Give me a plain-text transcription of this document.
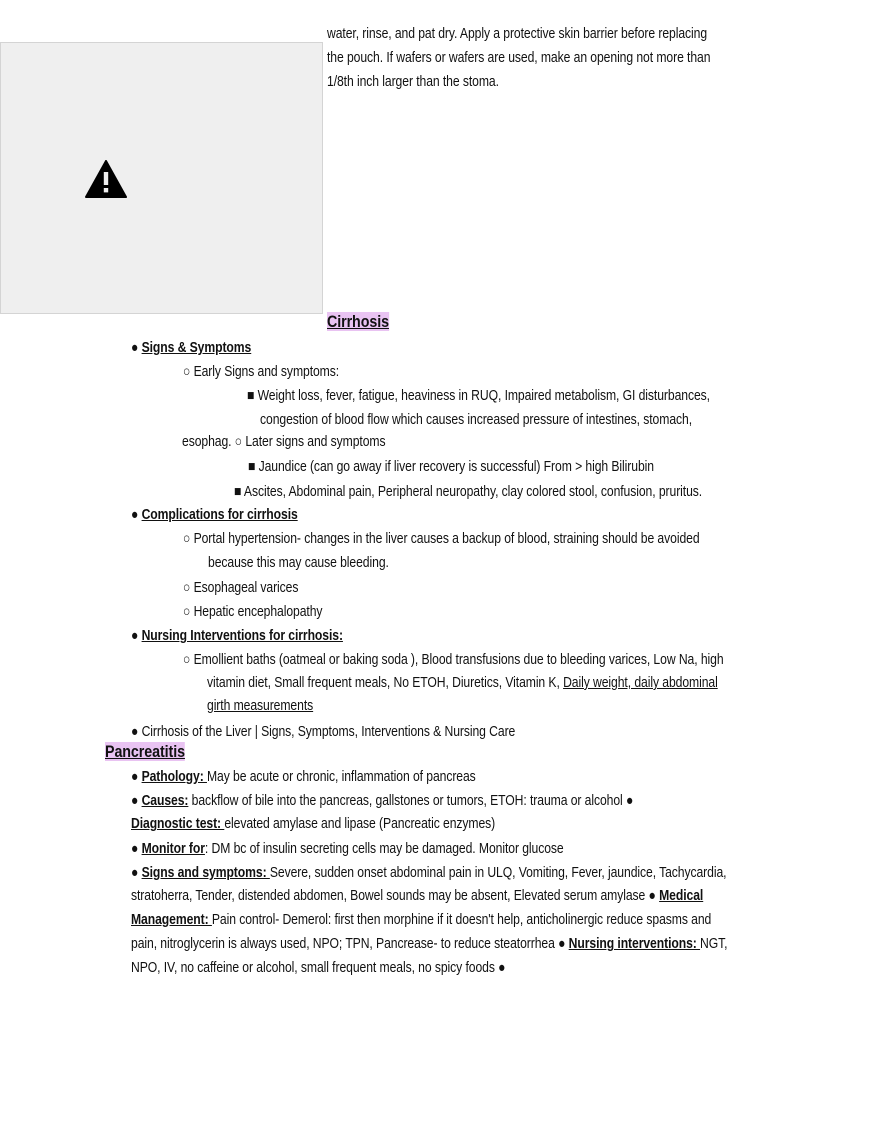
water, rinse, and pat dry. Apply a protective skin barrier before replacing
the pouch. If wafers or wafers are used, make an opening not more than
1/8th inch larger than the stoma.
Cirrhosis
● Signs & Symptoms
○ Early Signs and symptoms:
■ Weight loss, fever, fatigue, heaviness in RUQ, Impaired metabolism, GI disturbances,
congestion of blood flow which causes increased pressure of intestines, stomach,
esophag. ○ Later signs and symptoms
■ Jaundice (can go away if liver recovery is successful) From > high Bilirubin
■ Ascites, Abdominal pain, Peripheral neuropathy, clay colored stool, confusion, pruritus.
● Complications for cirrhosis
○ Portal hypertension- changes in the liver causes a backup of blood, straining should be avoided
because this may cause bleeding.
○ Esophageal varices
○ Hepatic encephalopathy
● Nursing Interventions for cirrhosis:
○ Emollient baths (oatmeal or baking soda ), Blood transfusions due to bleeding varices, Low Na, high
vitamin diet, Small frequent meals, No ETOH, Diuretics, Vitamin K, Daily weight, daily abdominal
girth measurements
● Cirrhosis of the Liver | Signs, Symptoms, Interventions & Nursing Care
Pancreatitis
● Pathology: May be acute or chronic, inflammation of pancreas
● Causes: backflow of bile into the pancreas, gallstones or tumors, ETOH: trauma or alcohol ●
Diagnostic test: elevated amylase and lipase (Pancreatic enzymes)
● Monitor for: DM bc of insulin secreting cells may be damaged. Monitor glucose
● Signs and symptoms: Severe, sudden onset abdominal pain in ULQ, Vomiting, Fever, jaundice, Tachycardia,
stratoherra, Tender, distended abdomen, Bowel sounds may be absent, Elevated serum amylase ● Medical
Management: Pain control- Demerol: first then morphine if it doesn't help, anticholinergic reduce spasms and
pain, nitroglycerin is always used, NPO; TPN, Pancrease- to reduce steatorrhea ● Nursing interventions: NGT,
NPO, IV, no caffeine or alcohol, small frequent meals, no spicy foods ●
